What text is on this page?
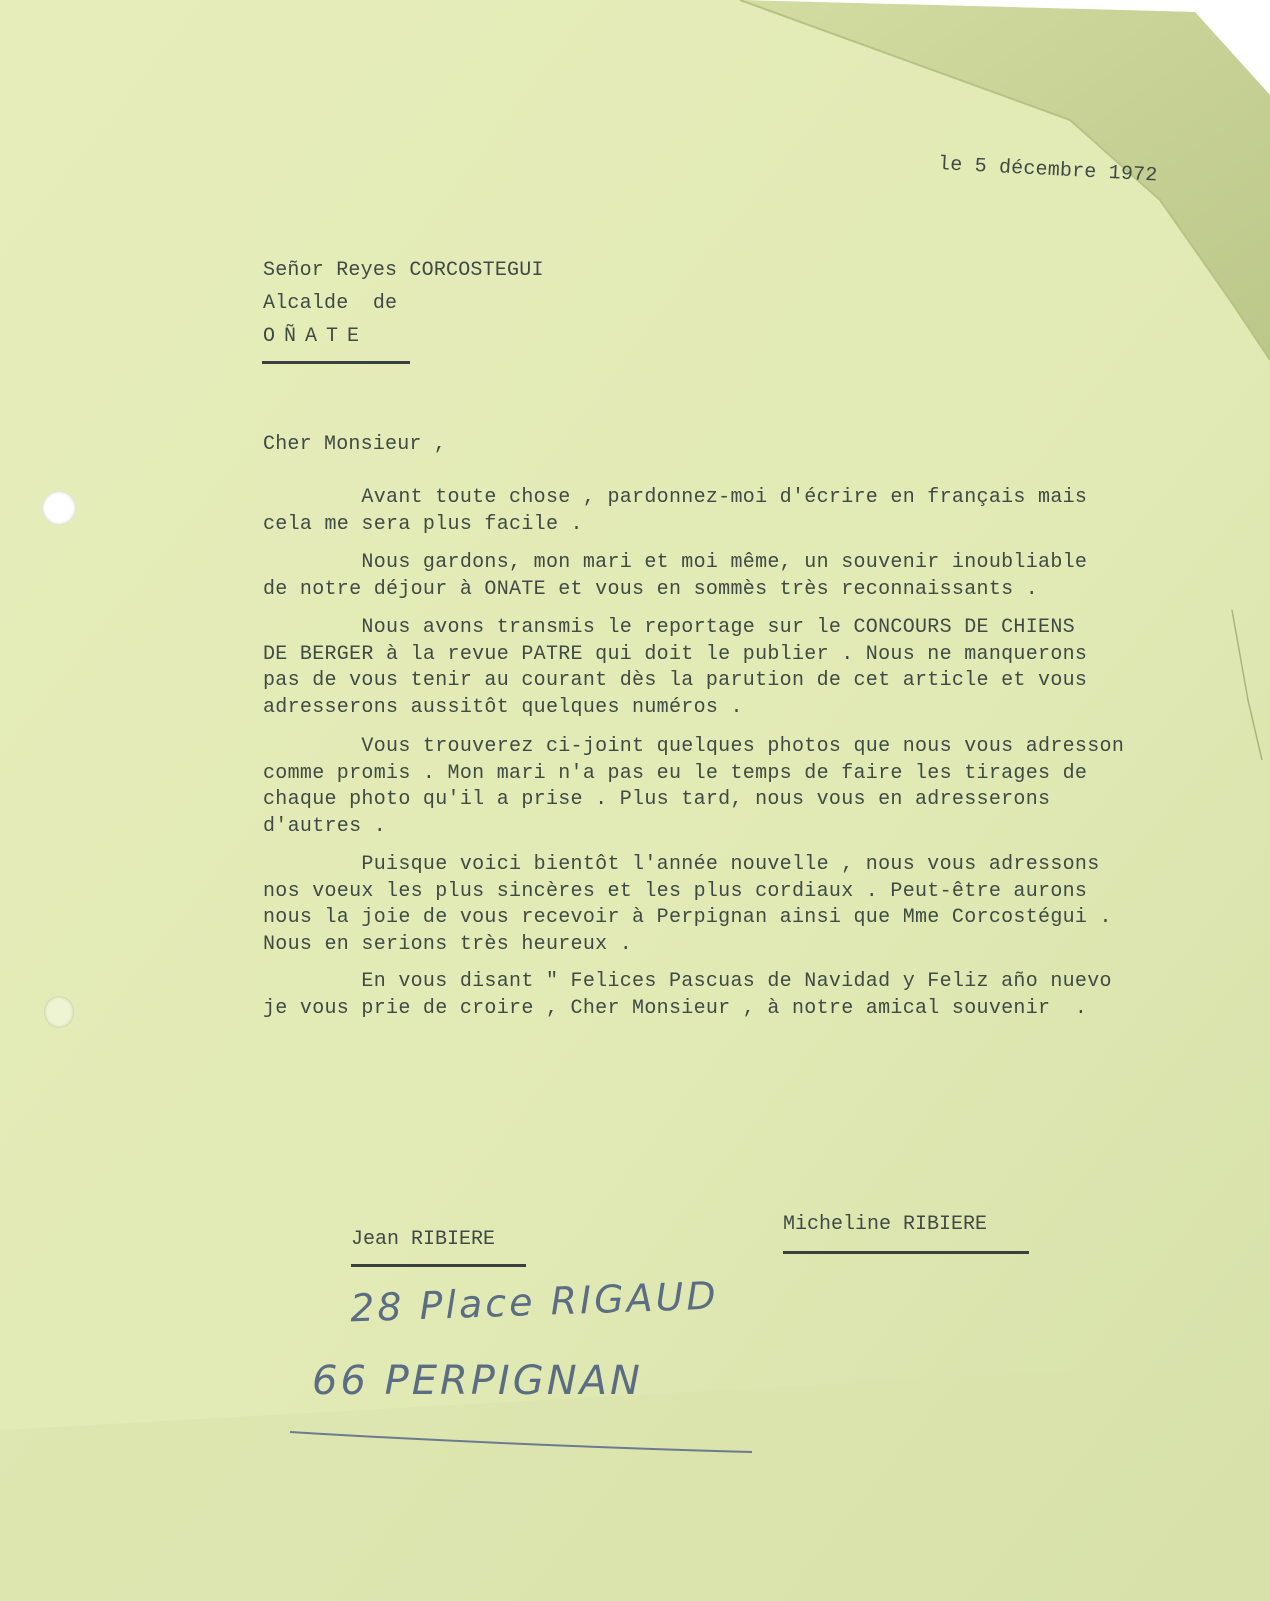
le 5 décembre 1972
Señor Reyes CORCOSTEGUI
Alcalde  de
OÑATE
Cher Monsieur ,
Avant toute chose , pardonnez-moi d'écrire en français mais
cela me sera plus facile .
Nous gardons, mon mari et moi même, un souvenir inoubliable
de notre déjour à ONATE et vous en sommès très reconnaissants .
Nous avons transmis le reportage sur le CONCOURS DE CHIENS
DE BERGER à la revue PATRE qui doit le publier . Nous ne manquerons
pas de vous tenir au courant dès la parution de cet article et vous
adresserons aussitôt quelques numéros .
Vous trouverez ci-joint quelques photos que nous vous adresson
comme promis . Mon mari n'a pas eu le temps de faire les tirages de
chaque photo qu'il a prise . Plus tard, nous vous en adresserons
d'autres .
Puisque voici bientôt l'année nouvelle , nous vous adressons
nos voeux les plus sincères et les plus cordiaux . Peut-être aurons
nous la joie de vous recevoir à Perpignan ainsi que Mme Corcostégui .
Nous en serions très heureux .
En vous disant " Felices Pascuas de Navidad y Feliz año nuevo
je vous prie de croire , Cher Monsieur , à notre amical souvenir  .
Jean RIBIERE
Micheline RIBIERE
28 Place RIGAUD
66 PERPIGNAN
